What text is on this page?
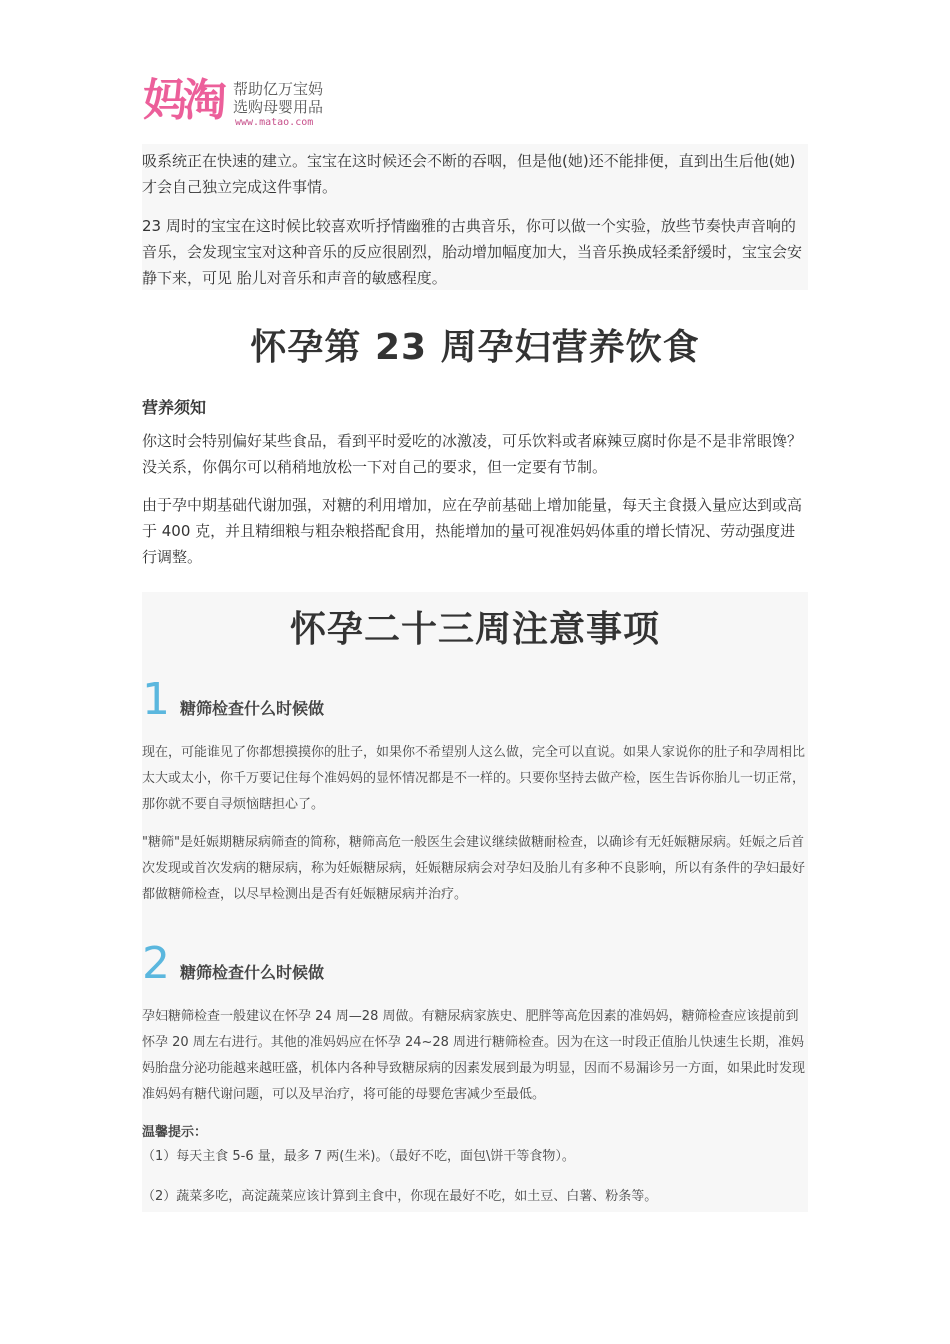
妈淘 帮助亿万宝妈
选购母婴用品
www.matao.com

吸系统正在快速的建立。宝宝在这时候还会不断的吞咽，但是他(她)还不能排便，直到出生后他(她)才会自己独立完成这件事情。

23 周时的宝宝在这时候比较喜欢听抒情幽雅的古典音乐，你可以做一个实验，放些节奏快声音响的音乐，会发现宝宝对这种音乐的反应很剧烈，胎动增加幅度加大，当音乐换成轻柔舒缓时，宝宝会安静下来，可见 胎儿对音乐和声音的敏感程度。

怀孕第 23 周孕妇营养饮食
营养须知

你这时会特别偏好某些食品，看到平时爱吃的冰激凌，可乐饮料或者麻辣豆腐时你是不是非常眼馋？没关系，你偶尔可以稍稍地放松一下对自己的要求，但一定要有节制。

由于孕中期基础代谢加强，对糖的利用增加，应在孕前基础上增加能量，每天主食摄入量应达到或高于 400 克，并且精细粮与粗杂粮搭配食用，热能增加的量可视准妈妈体重的增长情况、劳动强度进行调整。

怀孕二十三周注意事项
1 糖筛检查什么时候做

现在，可能谁见了你都想摸摸你的肚子，如果你不希望别人这么做，完全可以直说。如果人家说你的肚子和孕周相比太大或太小，你千万要记住每个准妈妈的显怀情况都是不一样的。只要你坚持去做产检，医生告诉你胎儿一切正常，那你就不要自寻烦恼瞎担心了。

"糖筛"是妊娠期糖尿病筛查的简称，糖筛高危一般医生会建议继续做糖耐检查，以确诊有无妊娠糖尿病。妊娠之后首次发现或首次发病的糖尿病，称为妊娠糖尿病，妊娠糖尿病会对孕妇及胎儿有多种不良影响，所以有条件的孕妇最好都做糖筛检查，以尽早检测出是否有妊娠糖尿病并治疗。

2 糖筛检查什么时候做

孕妇糖筛检查一般建议在怀孕 24 周—28 周做。有糖尿病家族史、肥胖等高危因素的准妈妈，糖筛检查应该提前到怀孕 20 周左右进行。其他的准妈妈应在怀孕 24~28 周进行糖筛检查。因为在这一时段正值胎儿快速生长期，准妈妈胎盘分泌功能越来越旺盛，机体内各种导致糖尿病的因素发展到最为明显，因而不易漏诊另一方面，如果此时发现准妈妈有糖代谢问题，可以及早治疗，将可能的母婴危害减少至最低。

温馨提示：

（1）每天主食 5-6 量，最多 7 两(生米)。（最好不吃，面包\饼干等食物）。

（2）蔬菜多吃，高淀蔬菜应该计算到主食中，你现在最好不吃，如土豆、白薯、粉条等。
